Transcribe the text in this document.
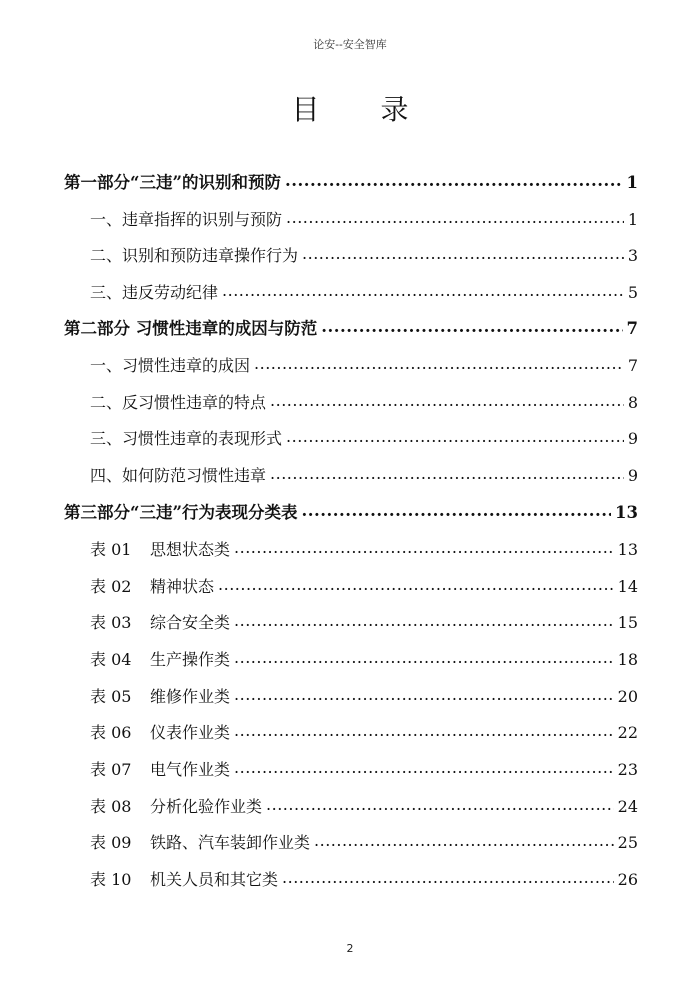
论安--安全智库
目 录
第一部分“三违”的识别和预防 .....	1
一、违章指挥的识别与预防 .....	1
二、识别和预防违章操作行为 .....	3
三、违反劳动纪律 .....	5
第二部分 习惯性违章的成因与防范 .....	7
一、习惯性违章的成因 .....	7
二、反习惯性违章的特点 .....	8
三、习惯性违章的表现形式 .....	9
四、如何防范习惯性违章 .....	9
第三部分“三违”行为表现分类表 .....	13
表 01	思想状态类 .....	13
表 02	精神状态 .....	14
表 03	综合安全类 .....	15
表 04	生产操作类 .....	18
表 05	维修作业类 .....	20
表 06	仪表作业类 .....	22
表 07	电气作业类 .....	23
表 08	分析化验作业类 .....	24
表 09	铁路、汽车装卸作业类 .....	25
表 10	机关人员和其它类 .....	26
2
